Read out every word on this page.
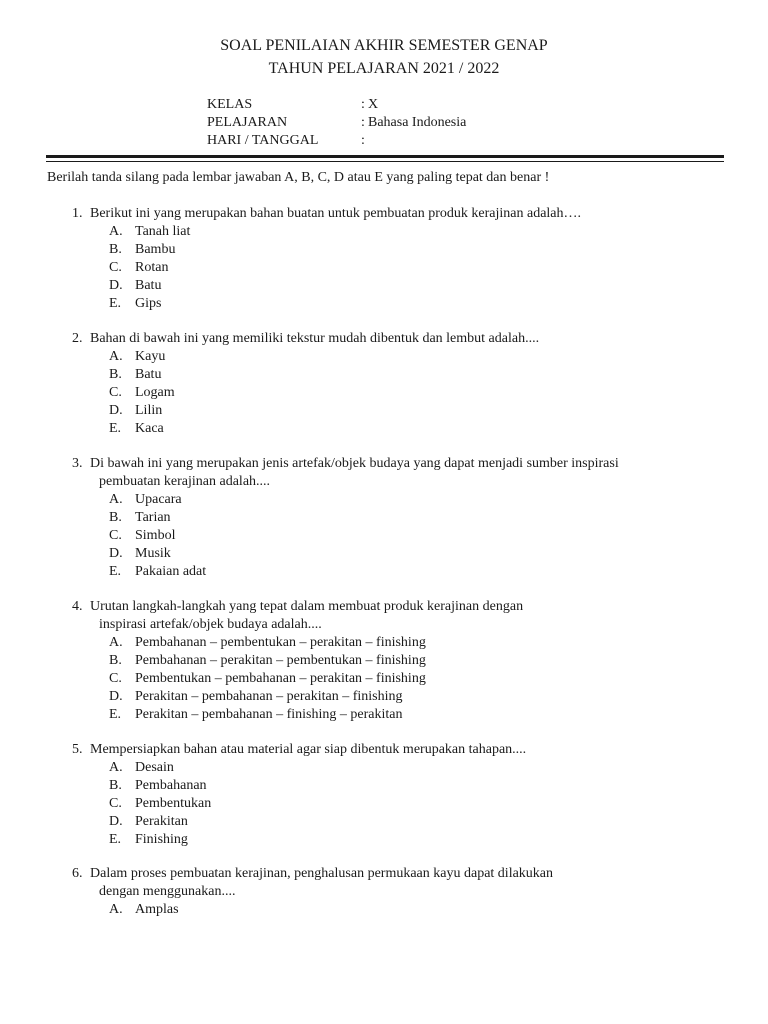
SOAL PENILAIAN AKHIR SEMESTER GENAP
TAHUN PELAJARAN 2021 / 2022
KELAS	: X
PELAJARAN	: Bahasa Indonesia
HARI / TANGGAL	:
Berilah tanda silang pada lembar jawaban A, B, C, D atau E yang paling tepat dan benar !
1. Berikut ini yang merupakan bahan buatan untuk pembuatan produk kerajinan adalah….
A. Tanah liat
B. Bambu
C. Rotan
D. Batu
E. Gips
2. Bahan di bawah ini yang memiliki tekstur mudah dibentuk dan lembut adalah....
A. Kayu
B. Batu
C. Logam
D. Lilin
E. Kaca
3. Di bawah ini yang merupakan jenis artefak/objek budaya yang dapat menjadi sumber inspirasi
pembuatan kerajinan adalah....
A. Upacara
B. Tarian
C. Simbol
D. Musik
E. Pakaian adat
4. Urutan langkah-langkah yang tepat dalam membuat produk kerajinan dengan
inspirasi artefak/objek budaya adalah....
A. Pembahanan – pembentukan – perakitan – finishing
B. Pembahanan – perakitan – pembentukan – finishing
C. Pembentukan – pembahanan – perakitan – finishing
D. Perakitan – pembahanan – perakitan – finishing
E. Perakitan – pembahanan – finishing – perakitan
5. Mempersiapkan bahan atau material agar siap dibentuk merupakan tahapan....
A. Desain
B. Pembahanan
C. Pembentukan
D. Perakitan
E. Finishing
6. Dalam proses pembuatan kerajinan, penghalusan permukaan kayu dapat dilakukan
dengan menggunakan....
A. Amplas
